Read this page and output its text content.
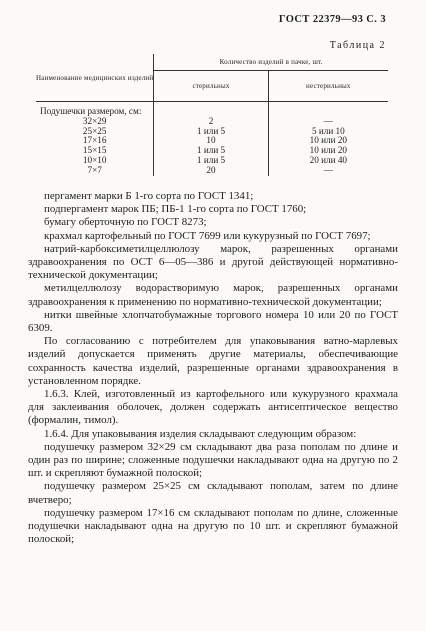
ГОСТ 22379—93 С. 3
Таблица 2
Наименование медицинских изделий	Количество изделий в пачке, шт.	
	стерильных	нестерильных
Подушечки размером, см:		
32×29	2	—
25×25	1 или 5	5 или 10
17×16	10	10 или 20
15×15	1 или 5	10 или 20
10×10	1 или 5	20 или 40
7×7	20	—

пергамент марки Б 1-го сорта по ГОСТ 1341;

подпергамент марок ПБ; ПБ-1 1-го сорта по ГОСТ 1760;

бумагу оберточную по ГОСТ 8273;

крахмал картофельный по ГОСТ 7699 или кукурузный по ГОСТ 7697;

натрий-карбоксиметилцеллюлозу марок, разрешенных органами здравоохранения по ОСТ 6—05—386 и другой действующей нормативно-технической документации;

метилцеллюлозу водорастворимую марок, разрешенных органами здравоохранения к применению по нормативно-технической документации;

нитки швейные хлопчатобумажные торгового номера 10 или 20 по ГОСТ 6309.

По согласованию с потребителем для упаковывания ватно-марлевых изделий допускается применять другие материалы, обеспечивающие сохранность качества изделий, разрешенные органами здравоохранения в установленном порядке.

1.6.3. Клей, изготовленный из картофельного или кукурузного крахмала для заклеивания оболочек, должен содержать антисептическое вещество (формалин, тимол).

1.6.4. Для упаковывания изделия складывают следующим образом:

подушечку размером 32×29 см складывают два раза пополам по длине и один раз по ширине; сложенные подушечки накладывают одна на другую по 2 шт. и скрепляют бумажной полоской;

подушечку размером 25×25 см складывают пополам, затем по длине вчетверо;

подушечку размером 17×16 см складывают пополам по длине, сложенные подушечки накладывают одна на другую по 10 шт. и скрепляют бумажной полоской;
